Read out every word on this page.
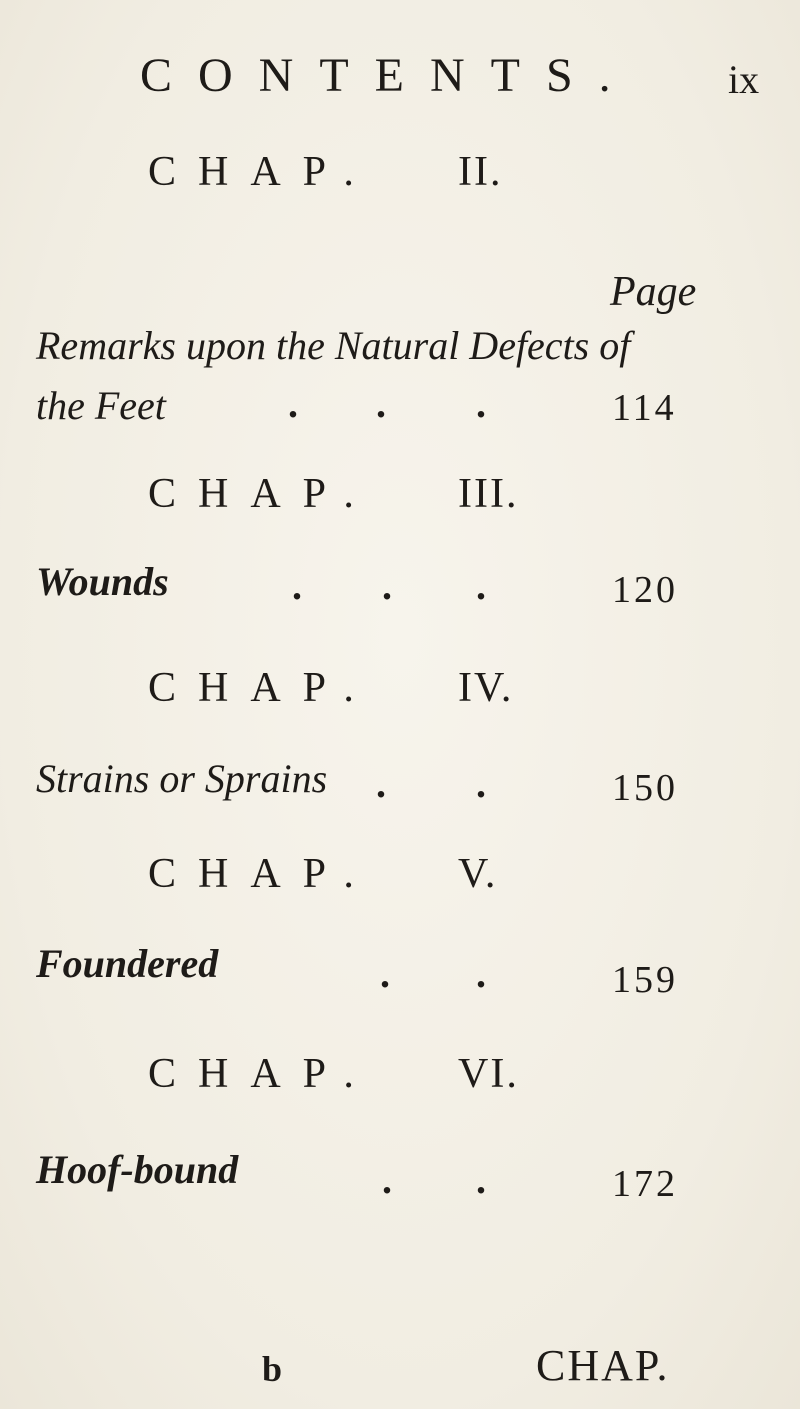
CONTENTS. ix
CHAP. II.
Page
Remarks upon the Natural Defects of
the Feet	. . .	114
CHAP. III.
Wounds	. . .	120
CHAP. IV.
Strains or Sprains . .	150
CHAP. V.
Foundered	. .	159
CHAP. VI.
Hoof-bound	. .	172
b	CHAP.
